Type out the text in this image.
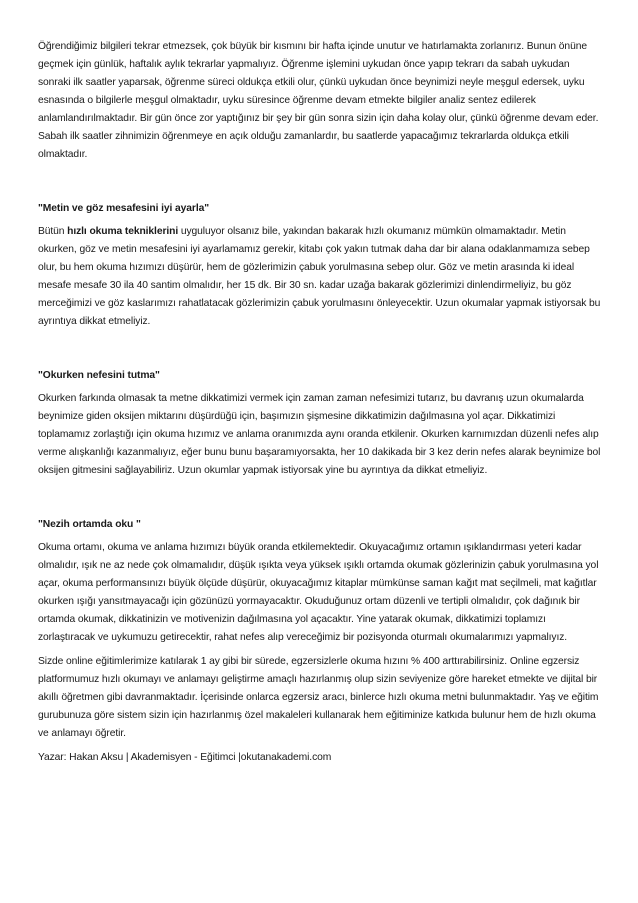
Öğrendiğimiz bilgileri tekrar etmezsek, çok büyük bir kısmını bir hafta içinde unutur ve hatırlamakta zorlanırız. Bunun önüne geçmek için günlük, haftalık aylık tekrarlar yapmalıyız. Öğrenme işlemini uykudan önce yapıp tekrarı da sabah uykudan sonraki ilk saatler yaparsak, öğrenme süreci oldukça etkili olur, çünkü uykudan önce beynimizi neyle meşgul edersek, uyku esnasında o bilgilerle meşgul olmaktadır, uyku süresince öğrenme devam etmekte bilgiler analiz sentez edilerek anlamlandırılmaktadır. Bir gün önce zor yaptığınız bir şey bir gün sonra sizin için daha kolay olur, çünkü öğrenme devam eder. Sabah ilk saatler zihnimizin öğrenmeye en açık olduğu zamanlardır, bu saatlerde yapacağımız tekrarlarda oldukça etkili olmaktadır.

"Metin ve göz mesafesini iyi ayarla"

Bütün hızlı okuma tekniklerini uyguluyor olsanız bile, yakından bakarak hızlı okumanız mümkün olmamaktadır. Metin okurken, göz ve metin mesafesini iyi ayarlamamız gerekir, kitabı çok yakın tutmak daha dar bir alana odaklanmamıza sebep olur, bu hem okuma hızımızı düşürür, hem de gözlerimizin çabuk yorulmasına sebep olur. Göz ve metin arasında ki ideal mesafe mesafe 30 ila 40 santim olmalıdır, her 15 dk. Bir 30 sn. kadar uzağa bakarak gözlerimizi dinlendirmeliyiz, bu göz merceğimizi ve göz kaslarımızı rahatlatacak gözlerimizin çabuk yorulmasını önleyecektir. Uzun okumalar yapmak istiyorsak bu ayrıntıya dikkat etmeliyiz.

"Okurken nefesini tutma"

Okurken farkında olmasak ta metne dikkatimizi vermek için zaman zaman nefesimizi tutarız, bu davranış uzun okumalarda beynimize giden oksijen miktarını düşürdüğü için, başımızın şişmesine dikkatimizin dağılmasına yol açar. Dikkatimizi toplamamız zorlaştığı için okuma hızımız ve anlama oranımızda aynı oranda etkilenir. Okurken karnımızdan düzenli nefes alıp verme alışkanlığı kazanmalıyız, eğer bunu bunu başaramıyorsakta, her 10 dakikada bir 3 kez derin nefes alarak beynimize bol oksijen gitmesini sağlayabiliriz. Uzun okumlar yapmak istiyorsak yine bu ayrıntıya da dikkat etmeliyiz.

"Nezih ortamda oku "

Okuma ortamı, okuma ve anlama hızımızı büyük oranda etkilemektedir. Okuyacağımız ortamın ışıklandırması yeteri kadar olmalıdır, ışık ne az nede çok olmamalıdır, düşük ışıkta veya yüksek ışıklı ortamda okumak gözlerinizin çabuk yorulmasına yol açar, okuma performansınızı büyük ölçüde düşürür, okuyacağımız kitaplar mümkünse saman kağıt mat seçilmeli, mat kağıtlar okurken ışığı yansıtmayacağı için gözünüzü yormayacaktır. Okuduğunuz ortam düzenli ve tertipli olmalıdır, çok dağınık bir ortamda okumak, dikkatinizin ve motivenizin dağılmasına yol açacaktır. Yine yatarak okumak, dikkatimizi toplamızı zorlaştıracak ve uykumuzu getirecektir, rahat nefes alıp vereceğimiz bir pozisyonda oturmalı okumalarımızı yapmalıyız.

Sizde online eğitimlerimize katılarak 1 ay gibi bir sürede, egzersizlerle okuma hızını % 400 arttırabilirsiniz. Online egzersiz platformumuz hızlı okumayı ve anlamayı geliştirme amaçlı hazırlanmış olup sizin seviyenize göre hareket etmekte ve dijital bir akıllı öğretmen gibi davranmaktadır. İçerisinde onlarca egzersiz aracı, binlerce hızlı okuma metni bulunmaktadır. Yaş ve eğitim gurubunuza göre sistem sizin için hazırlanmış özel makaleleri kullanarak hem eğitiminize katkıda bulunur hem de hızlı okuma ve anlamayı öğretir.

Yazar: Hakan Aksu | Akademisyen - Eğitimci |okutanakademi.com
